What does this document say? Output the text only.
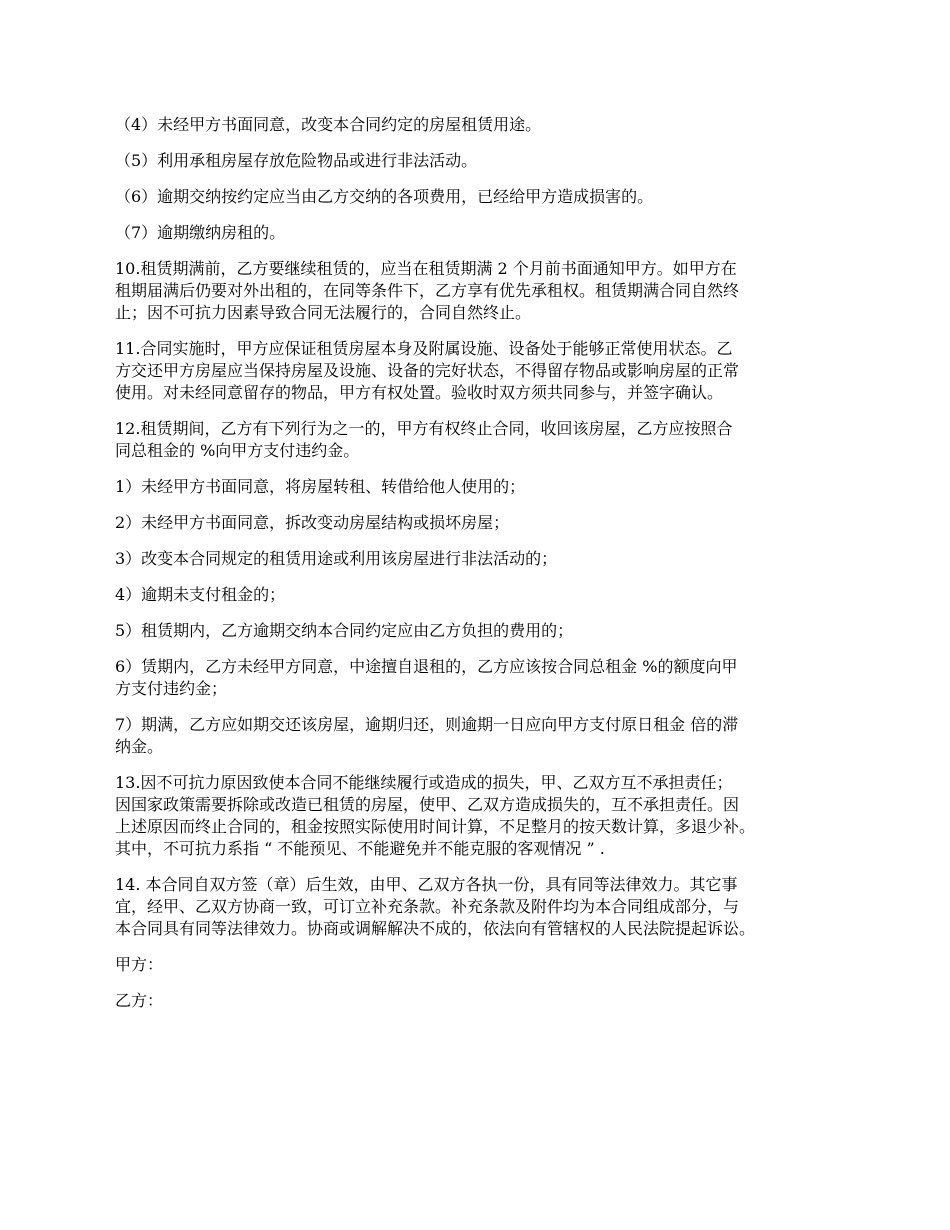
（4）未经甲方书面同意，改变本合同约定的房屋租赁用途。
（5）利用承租房屋存放危险物品或进行非法活动。
（6）逾期交纳按约定应当由乙方交纳的各项费用，已经给甲方造成损害的。
（7）逾期缴纳房租的。
10.租赁期满前，乙方要继续租赁的，应当在租赁期满 2 个月前书面通知甲方。如甲方在
租期届满后仍要对外出租的，在同等条件下，乙方享有优先承租权。租赁期满合同自然终
止；因不可抗力因素导致合同无法履行的，合同自然终止。
11.合同实施时，甲方应保证租赁房屋本身及附属设施、设备处于能够正常使用状态。乙
方交还甲方房屋应当保持房屋及设施、设备的完好状态，不得留存物品或影响房屋的正常
使用。对未经同意留存的物品，甲方有权处置。验收时双方须共同参与，并签字确认。
12.租赁期间，乙方有下列行为之一的，甲方有权终止合同，收回该房屋，乙方应按照合
同总租金的 %向甲方支付违约金。
1）未经甲方书面同意，将房屋转租、转借给他人使用的；
2）未经甲方书面同意，拆改变动房屋结构或损坏房屋；
3）改变本合同规定的租赁用途或利用该房屋进行非法活动的；
4）逾期未支付租金的；
5）租赁期内，乙方逾期交纳本合同约定应由乙方负担的费用的；
6）赁期内，乙方未经甲方同意，中途擅自退租的，乙方应该按合同总租金 %的额度向甲
方支付违约金；
7）期满，乙方应如期交还该房屋，逾期归还，则逾期一日应向甲方支付原日租金 倍的滞
纳金。
13.因不可抗力原因致使本合同不能继续履行或造成的损失，甲、乙双方互不承担责任；
因国家政策需要拆除或改造已租赁的房屋，使甲、乙双方造成损失的，互不承担责任。因
上述原因而终止合同的，租金按照实际使用时间计算，不足整月的按天数计算，多退少补。
其中，不可抗力系指 “ 不能预见、不能避免并不能克服的客观情况 ” .
14. 本合同自双方签（章）后生效，由甲、乙双方各执一份，具有同等法律效力。其它事
宜，经甲、乙双方协商一致，可订立补充条款。补充条款及附件均为本合同组成部分，与
本合同具有同等法律效力。协商或调解解决不成的，依法向有管辖权的人民法院提起诉讼。
甲方：
乙方：
